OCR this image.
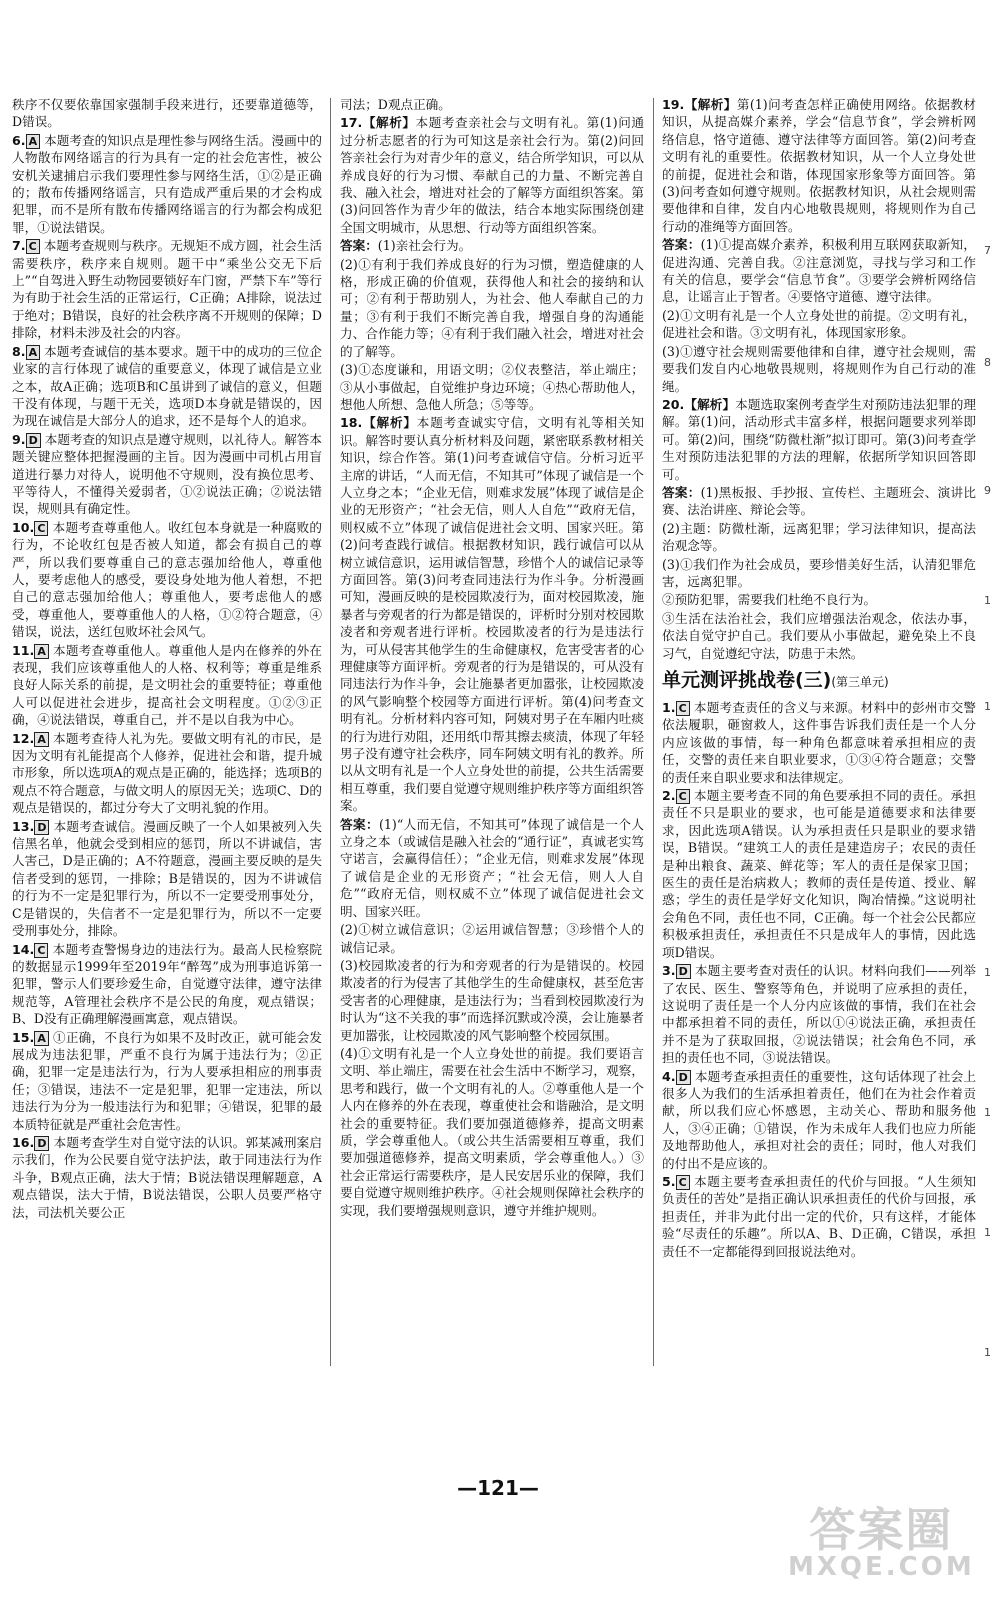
秩序不仅要依靠国家强制手段来进行，还要靠道德等，D错误。
6. A 本题考查的知识点是理性参与网络生活。漫画中的人物散布网络谣言的行为具有一定的社会危害性，被公安机关逮捕启示我们要理性参与网络生活，①②是正确的；散布传播网络谣言，只有造成严重后果的才会构成犯罪，而不是所有散布传播网络谣言的行为都会构成犯罪，①说法错误。
7. C 本题考查规则与秩序。无规矩不成方圆，社会生活需要秩序，秩序来自规则。题干中“乘坐公交无下后上”“自驾进入野生动物园要锁好车门窗，严禁下车”等行为有助于社会生活的正常运行，C正确；A排除，说法过于绝对；B错误，良好的社会秩序离不开规则的保障；D排除，材料未涉及社会的内容。
8. A 本题考查诚信的基本要求。题干中的成功的三位企业家的言行体现了诚信的重要意义，体现了诚信是立业之本，故A正确；选项B和C虽讲到了诚信的意义，但题干没有体现，与题干无关，选项D本身就是错误的，因为现在诚信是大部分人的追求，还不是每个人的追求。
9. D 本题考查的知识点是遵守规则，以礼待人。解答本题关键应整体把握漫画的主旨。因为漫画中司机占用盲道进行暴力对待人，说明他不守规则，没有换位思考、平等待人，不懂得关爱弱者，①②说法正确；②说法错误，规则具有确定性。
10. C 本题考查尊重他人。收红包本身就是一种腐败的行为，不论收红包是否被人知道，都会有损自己的尊严，所以我们要尊重自己的意志强加给他人，尊重他人，要考虑他人的感受，要设身处地为他人着想，不把自己的意志强加给他人；尊重他人，要考虑他人的感受，尊重他人，要尊重他人的人格，①②符合题意，④错误，说法，送红包败坏社会风气。
11. A 本题考查尊重他人。尊重他人是内在修养的外在表现，我们应该尊重他人的人格、权利等；尊重是维系良好人际关系的前提，是文明社会的重要特征；尊重他人可以促进社会进步，提高社会文明程度。①②③正确，④说法错误，尊重自己，并不是以自我为中心。
12. A 本题考查待人礼为先。要做文明有礼的市民，是因为文明有礼能提高个人修养，促进社会和谐，提升城市形象，所以选项A的观点是正确的，能选择；选项B的观点不符合题意，与做文明人的原因无关；选项C、D的观点是错误的，都过分夸大了文明礼貌的作用。
13. D 本题考查诚信。漫画反映了一个人如果被列入失信黑名单，他就会受到相应的惩罚，所以不讲诚信，害人害己，D是正确的；A不符题意，漫画主要反映的是失信者受到的惩罚，一排除；B是错误的，因为不讲诚信的行为不一定是犯罪行为，所以不一定要受刑事处分，C是错误的，失信者不一定是犯罪行为，所以不一定要受刑事处分，排除。
14. C 本题考查警惕身边的违法行为。最高人民检察院的数据显示1999年至2019年“醉驾”成为刑事追诉第一犯罪，警示人们要珍爱生命，自觉遵守法律，遵守法律规范等，A管理社会秩序不是公民的角度，观点错误；B、D没有正确理解漫画寓意，观点错误。
15. A ①正确，不良行为如果不及时改正，就可能会发展成为违法犯罪，严重不良行为属于违法行为；②正确，犯罪一定是违法行为，行为人要承担相应的刑事责任；③错误，违法不一定是犯罪，犯罪一定违法，所以违法行为分为一般违法行为和犯罪；④错误，犯罪的最本质特征就是严重社会危害性。
16. D 本题考查学生对自觉守法的认识。郭某减刑案启示我们，作为公民要自觉守法护法，敢于同违法行为作斗争，B观点正确，法大于情；B说法错误理解题意，A观点错误，法大于情，B说法错误，公职人员要严格守法，司法机关要公正
司法；D观点正确。
17.【解析】本题考查亲社会与文明有礼。第(1)问通过分析志愿者的行为可知这是亲社会行为。第(2)问回答亲社会行为对青少年的意义，结合所学知识，可以从养成良好的行为习惯、奉献自己的力量、不断完善自我、融入社会，增进对社会的了解等方面组织答案。第(3)问回答作为青少年的做法，结合本地实际围绕创建全国文明城市，从思想、行动等方面组织答案。
答案：(1)亲社会行为。
(2)①有利于我们养成良好的行为习惯，塑造健康的人格，形成正确的价值观，获得他人和社会的接纳和认可；②有利于帮助别人，为社会、他人奉献自己的力量；③有利于我们不断完善自我，增强自身的沟通能力、合作能力等；④有利于我们融入社会，增进对社会的了解等。
(3)①态度谦和，用语文明；②仪表整洁，举止端庄；③从小事做起，自觉维护身边环境；④热心帮助他人，想他人所想、急他人所急；⑤等等。
18.【解析】本题考查诚实守信，文明有礼等相关知识。解答时要认真分析材料及问题，紧密联系教材相关知识，综合作答。第(1)问考查诚信守信。分析习近平主席的讲话，“人而无信，不知其可”体现了诚信是一个人立身之本；“企业无信，则难求发展”体现了诚信是企业的无形资产；“社会无信，则人人自危”“政府无信，则权威不立”体现了诚信促进社会文明、国家兴旺。第(2)问考查践行诚信。根据教材知识，践行诚信可以从树立诚信意识，运用诚信智慧，珍惜个人的诚信记录等方面回答。第(3)问考查同违法行为作斗争。分析漫画可知，漫画反映的是校园欺凌行为，面对校园欺凌，施暴者与旁观者的行为都是错误的，评析时分别对校园欺凌者和旁观者进行评析。校园欺凌者的行为是违法行为，可从侵害其他学生的生命健康权，危害受害者的心理健康等方面评析。旁观者的行为是错误的，可从没有同违法行为作斗争，会让施暴者更加嚣张，让校园欺凌的风气影响整个校园等方面进行评析。第(4)问考查文明有礼。分析材料内容可知，阿姨对男子在车厢内吐痰的行为进行劝阻，还用纸巾帮其擦去痰渍，体现了年轻男子没有遵守社会秩序，同车阿姨文明有礼的教养。所以从文明有礼是一个人立身处世的前提，公共生活需要相互尊重，我们要自觉遵守规则维护秩序等方面组织答案。
答案：(1)“人而无信，不知其可”体现了诚信是一个人立身之本（或诚信是融入社会的“通行证”，真诚老实笃守诺言，会赢得信任）；“企业无信，则难求发展”体现了诚信是企业的无形资产；“社会无信，则人人自危”“政府无信，则权威不立”体现了诚信促进社会文明、国家兴旺。
(2)①树立诚信意识；②运用诚信智慧；③珍惜个人的诚信记录。
(3)校园欺凌者的行为和旁观者的行为是错误的。校园欺凌者的行为侵害了其他学生的生命健康权，甚至危害受害者的心理健康，是违法行为；当看到校园欺凌行为时认为“这不关我的事”而选择沉默或冷漠，会让施暴者更加嚣张，让校园欺凌的风气影响整个校园氛围。
(4)①文明有礼是一个人立身处世的前提。我们要语言文明、举止端庄，需要在社会生活中不断学习，观察，思考和践行，做一个文明有礼的人。②尊重他人是一个人内在修养的外在表现，尊重使社会和谐融洽，是文明社会的重要特征。我们要加强道德修养，提高文明素质，学会尊重他人。（或公共生活需要相互尊重，我们要加强道德修养，提高文明素质，学会尊重他人。）③社会正常运行需要秩序，是人民安居乐业的保障，我们要自觉遵守规则维护秩序。④社会规则保障社会秩序的实现，我们要增强规则意识，遵守并维护规则。
19.【解析】第(1)问考查怎样正确使用网络。依据教材知识，从提高媒介素养，学会“信息节食”，学会辨析网络信息，恪守道德、遵守法律等方面回答。第(2)问考查文明有礼的重要性。依据教材知识，从一个人立身处世的前提，促进社会和谐，体现国家形象等方面回答。第(3)问考查如何遵守规则。依据教材知识，从社会规则需要他律和自律，发自内心地敬畏规则，将规则作为自己行动的准绳等方面回答。
答案：(1)①提高媒介素养，积极利用互联网获取新知，促进沟通、完善自我。②注意浏览，寻找与学习和工作有关的信息，要学会“信息节食”。③要学会辨析网络信息，让谣言止于智者。④要恪守道德、遵守法律。
(2)①文明有礼是一个人立身处世的前提。②文明有礼，促进社会和谐。③文明有礼，体现国家形象。
(3)①遵守社会规则需要他律和自律，遵守社会规则，需要我们发自内心地敬畏规则，将规则作为自己行动的准绳。
20.【解析】本题选取案例考查学生对预防违法犯罪的理解。第(1)问，活动形式丰富多样，根据问题要求列举即可。第(2)问，围绕“防微杜渐”拟订即可。第(3)问考查学生对预防违法犯罪的方法的理解，依据所学知识回答即可。
答案：(1)黑板报、手抄报、宣传栏、主题班会、演讲比赛、法治讲座、辩论会等。
(2)主题：防微杜渐，远离犯罪；学习法律知识，提高法治观念等。
(3)①我们作为社会成员，要珍惜美好生活，认清犯罪危害，远离犯罪。
②预防犯罪，需要我们杜绝不良行为。
③生活在法治社会，我们应增强法治观念，依法办事，依法自觉守护自己。我们要从小事做起，避免染上不良习气，自觉遵纪守法，防患于未然。
单元测评挑战卷(三)(第三单元)
1. C 本题考查责任的含义与来源。材料中的彭州市交警依法履职，砸窗救人，这件事告诉我们责任是一个人分内应该做的事情，每一种角色都意味着承担相应的责任，交警的责任来自职业要求，①③④符合题意；交警的责任来自职业要求和法律规定。
2. C 本题主要考查不同的角色要承担不同的责任。承担责任不只是职业的要求，也可能是道德要求和法律要求，因此选项A错误。认为承担责任只是职业的要求错误，B错误。“建筑工人的责任是建造房子；农民的责任是种出粮食、蔬菜、鲜花等；军人的责任是保家卫国；医生的责任是治病救人；教师的责任是传道、授业、解惑；学生的责任是学好文化知识，陶冶情操。”这说明社会角色不同，责任也不同，C正确。每一个社会公民都应积极承担责任，承担责任不只是成年人的事情，因此选项D错误。
3. D 本题主要考查对责任的认识。材料向我们——列举了农民、医生、警察等角色，并说明了应承担的责任，这说明了责任是一个人分内应该做的事情，我们在社会中都承担着不同的责任，所以①④说法正确，承担责任并不是为了获取回报，②说法错误；社会角色不同，承担的责任也不同，③说法错误。
4. D 本题考查承担责任的重要性，这句话体现了社会上很多人为我们的生活承担着责任，他们在为社会作着贡献，所以我们应心怀感恩，主动关心、帮助和服务他人，③④正确；①错误，作为未成年人我们也应力所能及地帮助他人，承担对社会的责任；同时，他人对我们的付出不是应该的。
5. C 本题主要考查承担责任的代价与回报。“人生须知负责任的苦处”是指正确认识承担责任的代价与回报，承担责任，并非为此付出一定的代价，只有这样，才能体验“尽责任的乐趣”。所以A、B、D正确，C错误，承担责任不一定都能得到回报说法绝对。
—121—
答案圈
MXQE.COM
7
8
9
1
1
1
1
1
1
